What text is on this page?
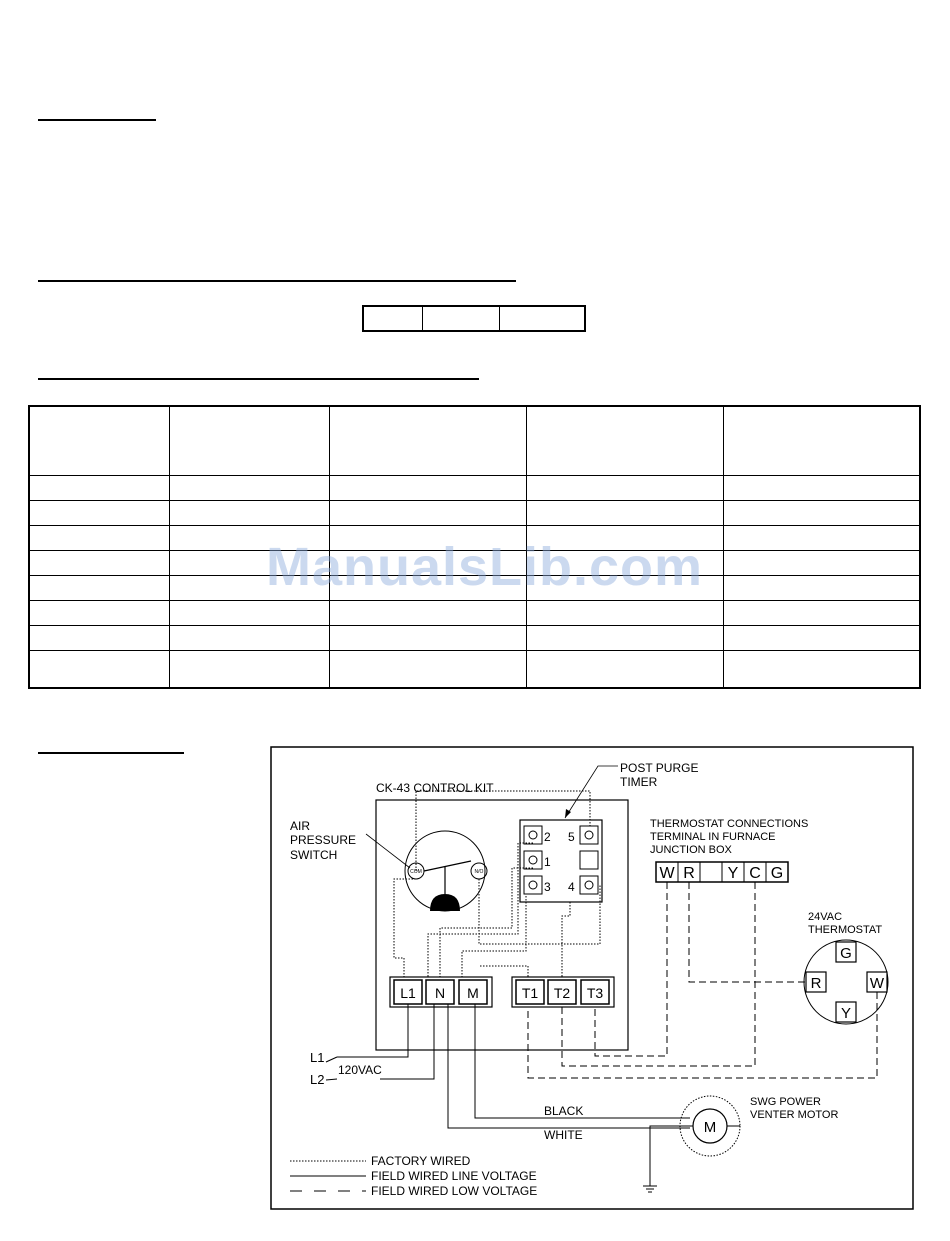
ManualsLib.com
CK-43 CONTROL KIT
POST PURGE
TIMER
2 5
1
3 4
AIR
PRESSURE
SWITCH
COM	N/O
THERMOSTAT CONNECTIONS
TERMINAL IN FURNACE
JUNCTION BOX
W R Y C G
24VAC
THERMOSTAT
G
R	W
Y
L1 N M	T1 T2 T3
L1
L2
120VAC
BLACK
WHITE	M
SWG POWER
VENTER MOTOR
FACTORY WIRED
FIELD WIRED LINE VOLTAGE
FIELD WIRED LOW VOLTAGE
